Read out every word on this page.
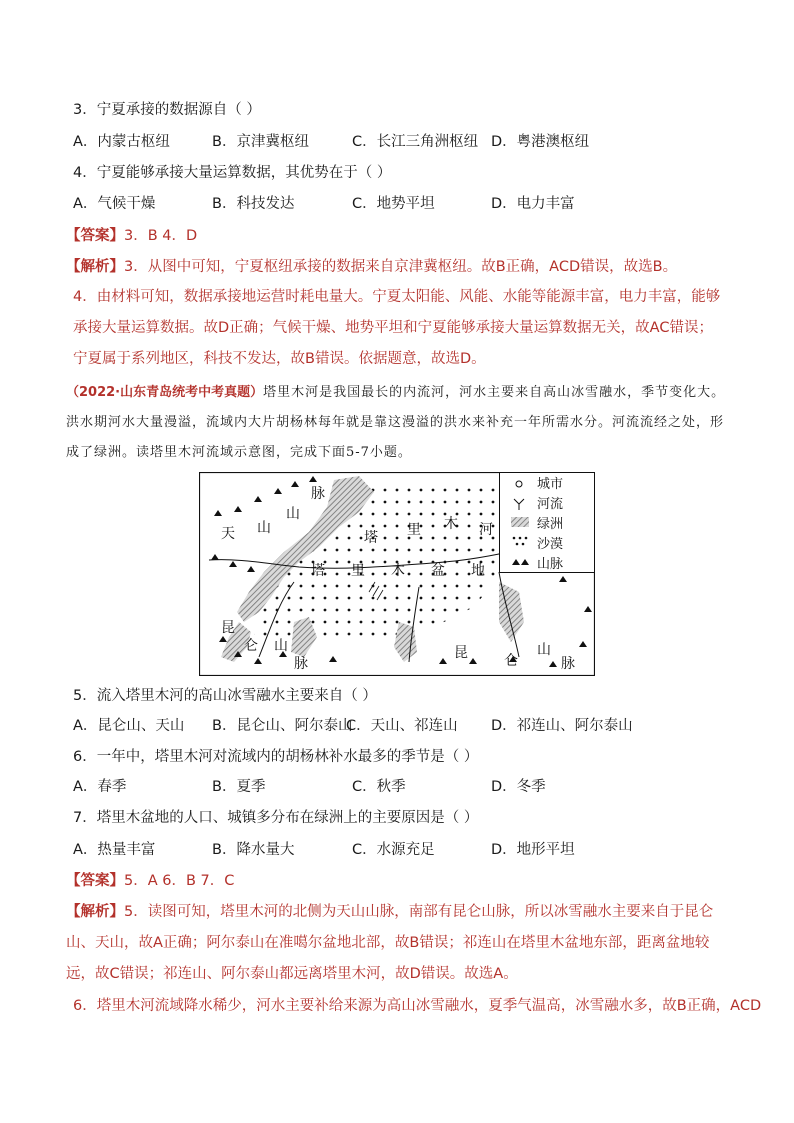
3．宁夏承接的数据源自（ ）
A．内蒙古枢纽	B．京津冀枢纽	C．长江三角洲枢纽 D．粤港澳枢纽
4．宁夏能够承接大量运算数据，其优势在于（ ）
A．气候干燥	B．科技发达	C．地势平坦	D．电力丰富
【答案】3．B 4．D
【解析】3．从图中可知，宁夏枢纽承接的数据来自京津冀枢纽。故B正确，ACD错误，故选B。
4．由材料可知，数据承接地运营时耗电量大。宁夏太阳能、风能、水能等能源丰富，电力丰富，能够承接大量运算数据。故D正确；气候干燥、地势平坦和宁夏能够承接大量运算数据无关，故AC错误；宁夏属于系列地区，科技不发达，故B错误。依据题意，故选D。
（2022·山东青岛统考中考真题）塔里木河是我国最长的内流河，河水主要来自高山冰雪融水，季节变化大。洪水期河水大量漫溢，流域内大片胡杨林每年就是靠这漫溢的洪水来补充一年所需水分。河流流经之处，形成了绿洲。读塔里木河流域示意图，完成下面5-7小题。
城市
河流
绿洲
沙漠
山脉
天 山
山
脉
塔 里 木 河
塔 里 木 盆 地
昆
仑 山
脉
昆	仑
山
脉
5．流入塔里木河的高山冰雪融水主要来自（ ）
A．昆仑山、天山 B．昆仑山、阿尔泰山
C．天山、祁连山 D．祁连山、阿尔泰山
6．一年中，塔里木河对流域内的胡杨林补水最多的季节是（ ）
A．春季	B．夏季	C．秋季	D．冬季
7．塔里木盆地的人口、城镇多分布在绿洲上的主要原因是（ ）
A．热量丰富	B．降水量大	C．水源充足	D．地形平坦
【答案】5．A 6．B 7．C
【解析】5．读图可知，塔里木河的北侧为天山山脉，南部有昆仑山脉，所以冰雪融水主要来自于昆仑山、天山，故A正确；阿尔泰山在准噶尔盆地北部，故B错误；祁连山在塔里木盆地东部，距离盆地较远，故C错误；祁连山、阿尔泰山都远离塔里木河，故D错误。故选A。
6．塔里木河流域降水稀少，河水主要补给来源为高山冰雪融水，夏季气温高，冰雪融水多，故B正确，ACD
